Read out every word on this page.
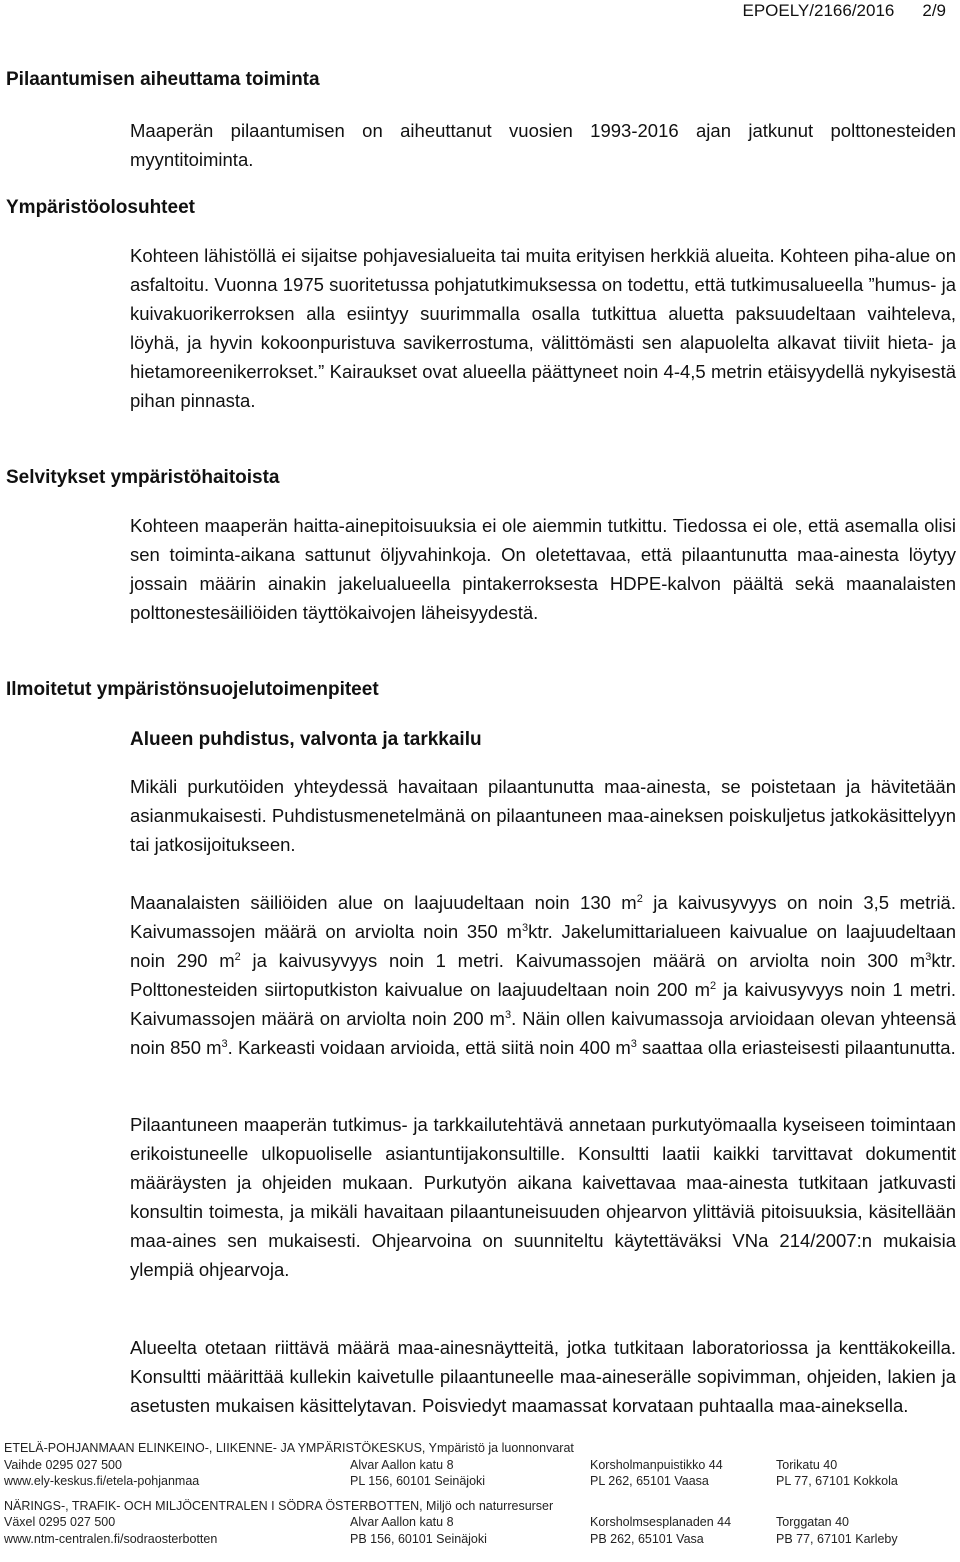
EPOELY/2166/2016 2/9
Pilaantumisen aiheuttama toiminta

Maaperän pilaantumisen on aiheuttanut vuosien 1993-2016 ajan jatkunut polttonesteiden myyntitoiminta.

Ympäristöolosuhteet

Kohteen lähistöllä ei sijaitse pohjavesialueita tai muita erityisen herkkiä alueita. Kohteen piha-alue on asfaltoitu. Vuonna 1975 suoritetussa pohjatutkimuksessa on todettu, että tutkimusalueella ”humus- ja kuivakuorikerroksen alla esiintyy suurimmalla osalla tutkittua aluetta paksuudeltaan vaihteleva, löyhä, ja hyvin kokoonpuristuva savikerrostuma, välittömästi sen alapuolelta alkavat tiiviit hieta- ja hietamoreenikerrokset.” Kairaukset ovat alueella päättyneet noin 4-4,5 metrin etäisyydellä nykyisestä pihan pinnasta.

Selvitykset ympäristöhaitoista

Kohteen maaperän haitta-ainepitoisuuksia ei ole aiemmin tutkittu. Tiedossa ei ole, että asemalla olisi sen toiminta-aikana sattunut öljyvahinkoja. On oletettavaa, että pilaantunutta maa-ainesta löytyy jossain määrin ainakin jakelualueella pintakerroksesta HDPE-kalvon päältä sekä maanalaisten polttonestesäiliöiden täyttökaivojen läheisyydestä.

Ilmoitetut ympäristönsuojelutoimenpiteet
Alueen puhdistus, valvonta ja tarkkailu

Mikäli purkutöiden yhteydessä havaitaan pilaantunutta maa-ainesta, se poistetaan ja hävitetään asianmukaisesti. Puhdistusmenetelmänä on pilaantuneen maa-aineksen poiskuljetus jatkokäsittelyyn tai jatkosijoitukseen.

Maanalaisten säiliöiden alue on laajuudeltaan noin 130 $m^2$ ja kaivusyvyys on noin 3,5 metriä. Kaivumassojen määrä on arviolta noin 350 $m^3ktr$. Jakelumittarialueen kaivualue on laajuudeltaan noin 290 $m^2$ ja kaivusyvyys noin 1 metri. Kaivumassojen määrä on arviolta noin 300 $m^3ktr$. Polttonesteiden siirtoputkiston kaivualue on laajuudeltaan noin 200 $m^2$ ja kaivusyvyys noin 1 metri. Kaivumassojen määrä on arviolta noin 200 $m^3$. Näin ollen kaivumassoja arvioidaan olevan yhteensä noin 850 $m^3$. Karkeasti voidaan arvioida, että siitä noin 400 $m^3$ saattaa olla eriasteisesti pilaantunutta.

Pilaantuneen maaperän tutkimus- ja tarkkailutehtävä annetaan purkutyömaalla kyseiseen toimintaan erikoistuneelle ulkopuoliselle asiantuntijakonsultille. Konsultti laatii kaikki tarvittavat dokumentit määräysten ja ohjeiden mukaan. Purkutyön aikana kaivettavaa maa-ainesta tutkitaan jatkuvasti konsultin toimesta, ja mikäli havaitaan pilaantuneisuuden ohjearvon ylittäviä pitoisuuksia, käsitellään maa-aines sen mukaisesti. Ohjearvoina on suunniteltu käytettäväksi VNa 214/2007:n mukaisia ylempiä ohjearvoja.

Alueelta otetaan riittävä määrä maa-ainesnäytteitä, jotka tutkitaan laboratoriossa ja kenttäkokeilla. Konsultti määrittää kullekin kaivetulle pilaantuneelle maa-aineserälle sopivimman, ohjeiden, lakien ja asetusten mukaisen käsittelytavan. Poisviedyt maamassat korvataan puhtaalla maa-aineksella.

ETELÄ-POHJANMAAN ELINKEINO-, LIIKENNE- JA YMPÄRISTÖKESKUS, Ympäristö ja luonnonvarat
Vaihde 0295 027 500	Alvar Aallon katu 8	Korsholmanpuistikko 44	Torikatu 40
www.ely-keskus.fi/etela-pohjanmaa	PL 156, 60101 Seinäjoki	PL 262, 65101 Vaasa	PL 77, 67101 Kokkola
NÄRINGS-, TRAFIK- OCH MILJÖCENTRALEN I SÖDRA ÖSTERBOTTEN, Miljö och naturresurser
Växel 0295 027 500	Alvar Aallon katu 8	Korsholmsesplanaden 44	Torggatan 40
www.ntm-centralen.fi/sodraosterbotten	PB 156, 60101 Seinäjoki	PB 262, 65101 Vasa	PB 77, 67101 Karleby
